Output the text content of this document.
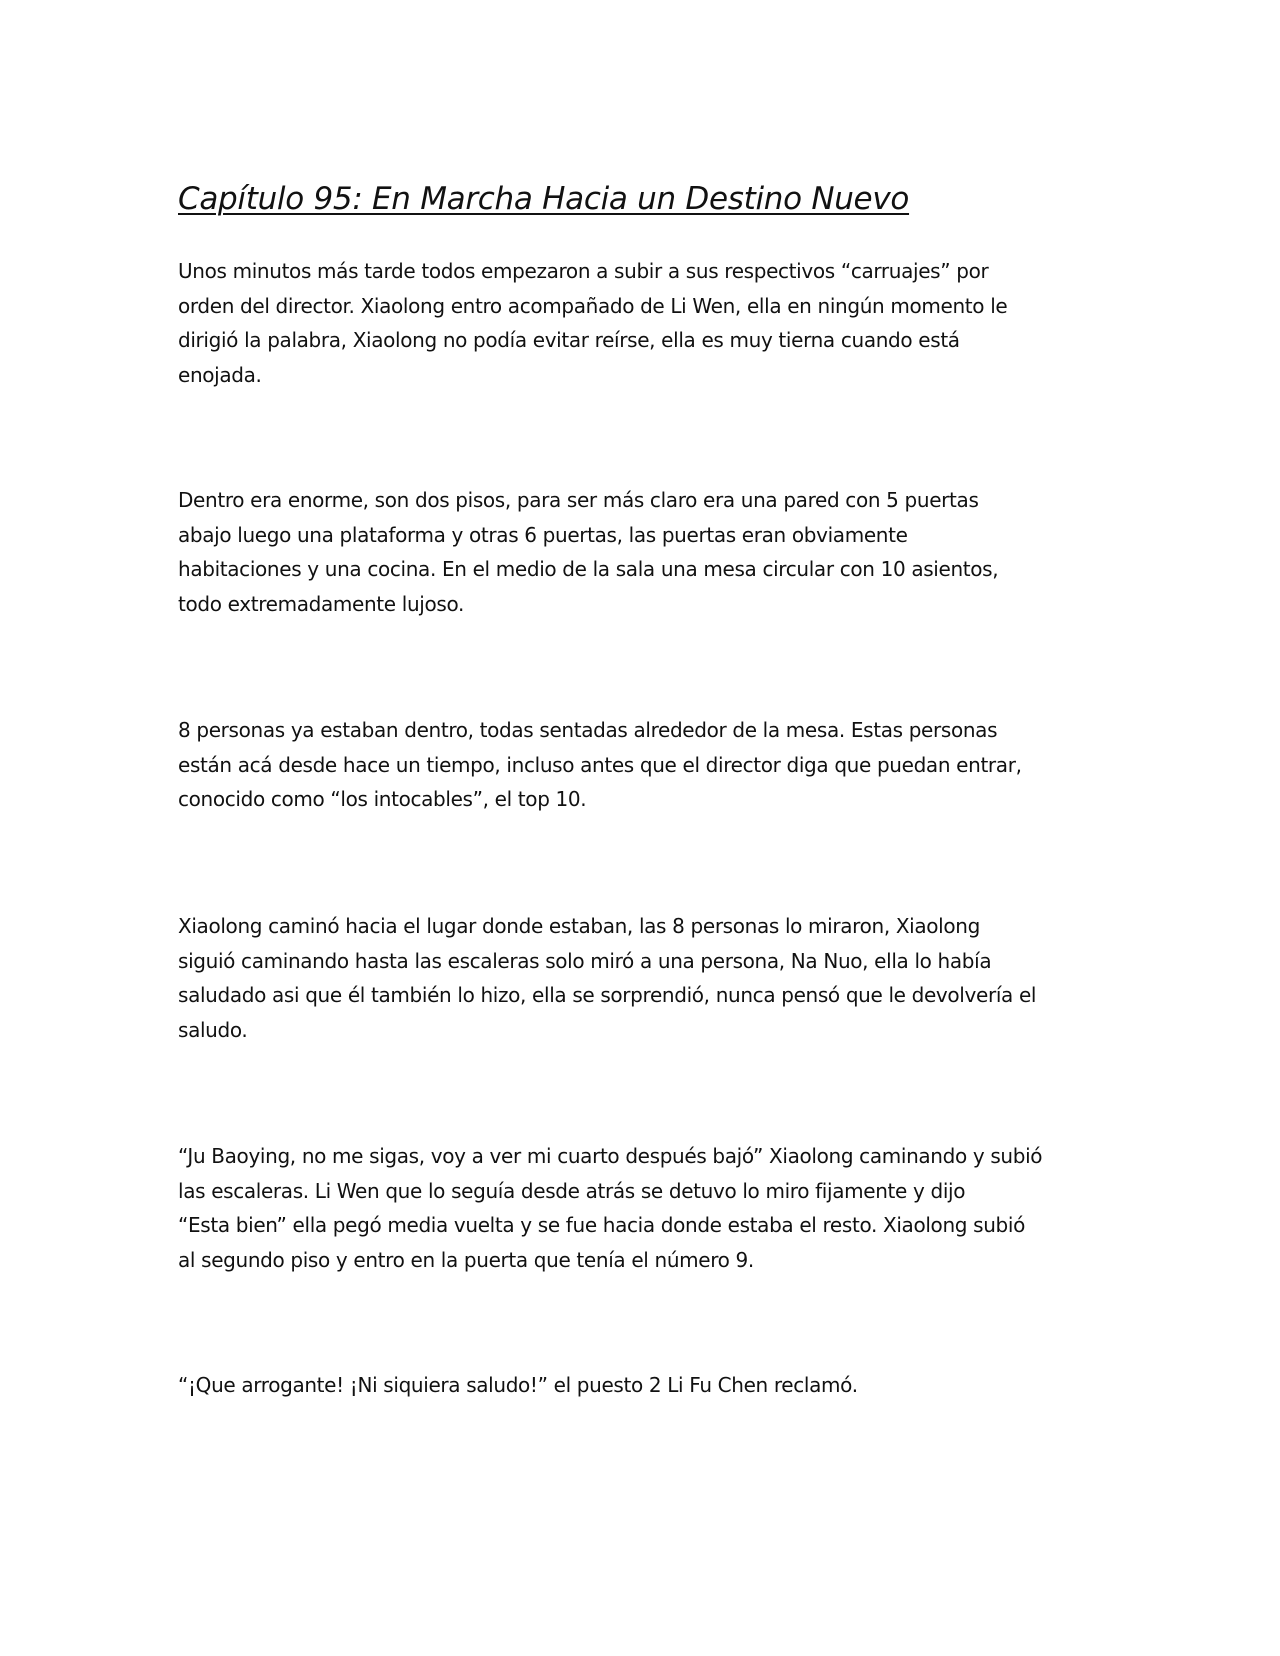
Capítulo 95: En Marcha Hacia un Destino Nuevo
Unos minutos más tarde todos empezaron a subir a sus respectivos “carruajes” por
orden del director. Xiaolong entro acompañado de Li Wen, ella en ningún momento le
dirigió la palabra, Xiaolong no podía evitar reírse, ella es muy tierna cuando está
enojada.
Dentro era enorme, son dos pisos, para ser más claro era una pared con 5 puertas
abajo luego una plataforma y otras 6 puertas, las puertas eran obviamente
habitaciones y una cocina. En el medio de la sala una mesa circular con 10 asientos,
todo extremadamente lujoso.
8 personas ya estaban dentro, todas sentadas alrededor de la mesa. Estas personas
están acá desde hace un tiempo, incluso antes que el director diga que puedan entrar,
conocido como “los intocables”, el top 10.
Xiaolong caminó hacia el lugar donde estaban, las 8 personas lo miraron, Xiaolong
siguió caminando hasta las escaleras solo miró a una persona, Na Nuo, ella lo había
saludado asi que él también lo hizo, ella se sorprendió, nunca pensó que le devolvería el
saludo.
“Ju Baoying, no me sigas, voy a ver mi cuarto después bajó” Xiaolong caminando y subió
las escaleras. Li Wen que lo seguía desde atrás se detuvo lo miro fijamente y dijo
“Esta bien” ella pegó media vuelta y se fue hacia donde estaba el resto. Xiaolong subió
al segundo piso y entro en la puerta que tenía el número 9.
“¡Que arrogante! ¡Ni siquiera saludo!” el puesto 2 Li Fu Chen reclamó.
